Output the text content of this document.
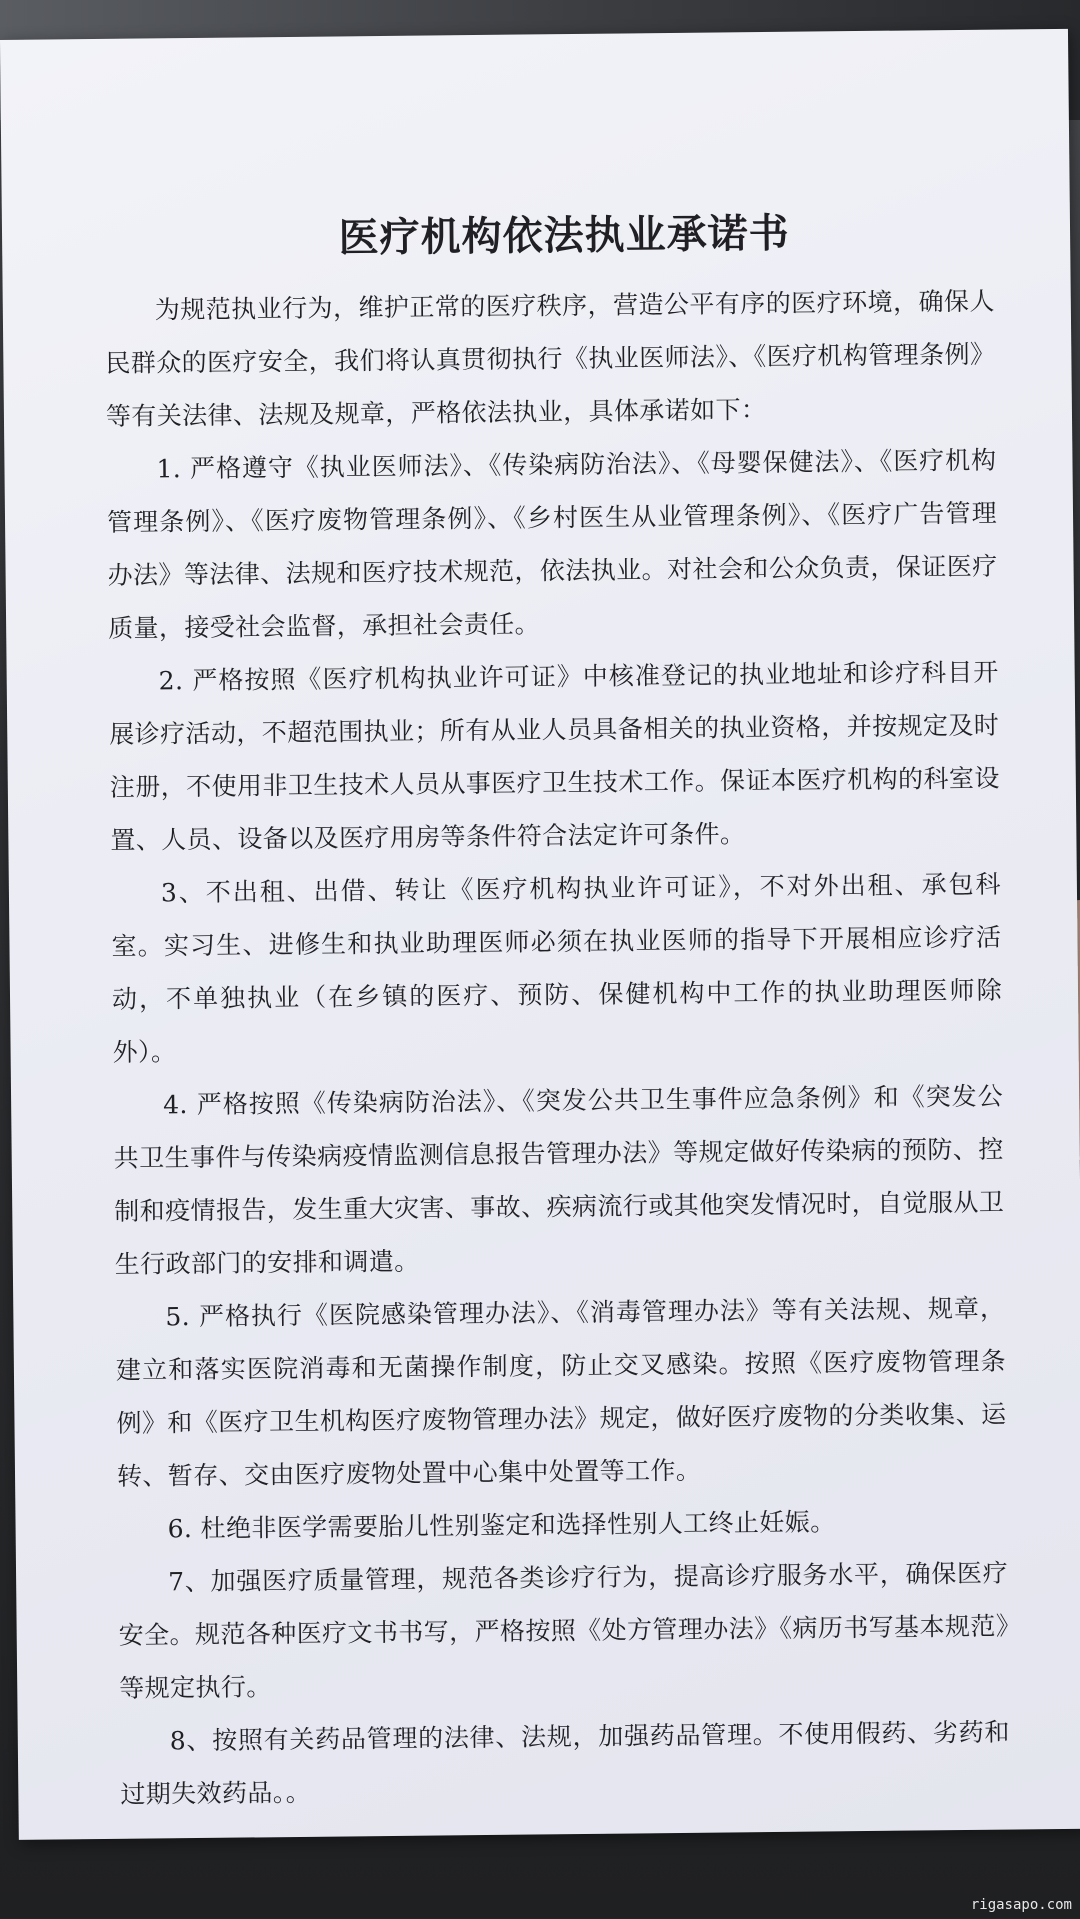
医疗机构依法执业承诺书

为规范执业行为，维护正常的医疗秩序，营造公平有序的医疗环境，确保人民群众的医疗安全，我们将认真贯彻执行《执业医师法》、《医疗机构管理条例》等有关法律、法规及规章，严格依法执业，具体承诺如下：

1. 严格遵守《执业医师法》、《传染病防治法》、《母婴保健法》、《医疗机构管理条例》、《医疗废物管理条例》、《乡村医生从业管理条例》、《医疗广告管理办法》等法律、法规和医疗技术规范，依法执业。对社会和公众负责，保证医疗质量，接受社会监督，承担社会责任。

2. 严格按照《医疗机构执业许可证》中核准登记的执业地址和诊疗科目开展诊疗活动，不超范围执业；所有从业人员具备相关的执业资格，并按规定及时注册，不使用非卫生技术人员从事医疗卫生技术工作。保证本医疗机构的科室设置、人员、设备以及医疗用房等条件符合法定许可条件。

3、不出租、出借、转让《医疗机构执业许可证》，不对外出租、承包科室。实习生、进修生和执业助理医师必须在执业医师的指导下开展相应诊疗活动，不单独执业（在乡镇的医疗、预防、保健机构中工作的执业助理医师除外）。

4. 严格按照《传染病防治法》、《突发公共卫生事件应急条例》和《突发公共卫生事件与传染病疫情监测信息报告管理办法》等规定做好传染病的预防、控制和疫情报告，发生重大灾害、事故、疾病流行或其他突发情况时，自觉服从卫生行政部门的安排和调遣。

5. 严格执行《医院感染管理办法》、《消毒管理办法》等有关法规、规章，建立和落实医院消毒和无菌操作制度，防止交叉感染。按照《医疗废物管理条例》和《医疗卫生机构医疗废物管理办法》规定，做好医疗废物的分类收集、运转、暂存、交由医疗废物处置中心集中处置等工作。

6. 杜绝非医学需要胎儿性别鉴定和选择性别人工终止妊娠。

7、加强医疗质量管理，规范各类诊疗行为，提高诊疗服务水平，确保医疗安全。规范各种医疗文书书写，严格按照《处方管理办法》《病历书写基本规范》等规定执行。

8、按照有关药品管理的法律、法规，加强药品管理。不使用假药、劣药和过期失效药品。。

rigasapo.com
